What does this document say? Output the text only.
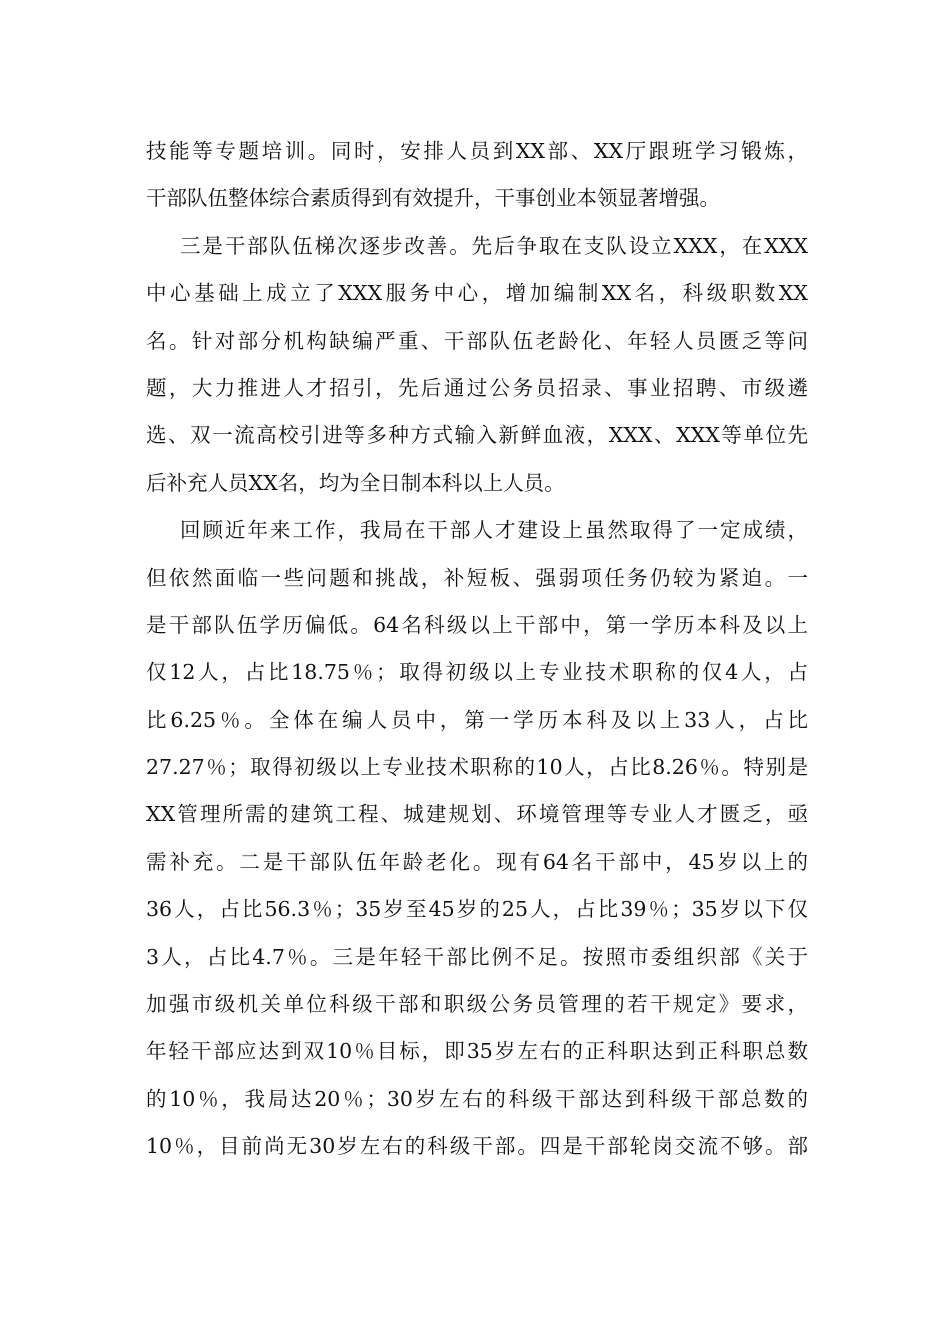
技能等专题培训。同时，安排人员到XX部、XX厅跟班学习锻炼，
干部队伍整体综合素质得到有效提升，干事创业本领显著增强。
三是干部队伍梯次逐步改善。先后争取在支队设立XXX，在XXX
中心基础上成立了XXX服务中心，增加编制XX名，科级职数XX
名。针对部分机构缺编严重、干部队伍老龄化、年轻人员匮乏等问
题，大力推进人才招引，先后通过公务员招录、事业招聘、市级遴
选、双一流高校引进等多种方式输入新鲜血液，XXX、XXX等单位先
后补充人员XX名，均为全日制本科以上人员。
回顾近年来工作，我局在干部人才建设上虽然取得了一定成绩，
但依然面临一些问题和挑战，补短板、强弱项任务仍较为紧迫。一
是干部队伍学历偏低。64名科级以上干部中，第一学历本科及以上
仅12人，占比18.75％；取得初级以上专业技术职称的仅4人，占
比6.25％。全体在编人员中，第一学历本科及以上33人，占比
27.27％；取得初级以上专业技术职称的10人，占比8.26％。特别是
XX管理所需的建筑工程、城建规划、环境管理等专业人才匮乏，亟
需补充。二是干部队伍年龄老化。现有64名干部中，45岁以上的
36人，占比56.3％；35岁至45岁的25人，占比39％；35岁以下仅
3人，占比4.7％。三是年轻干部比例不足。按照市委组织部《关于
加强市级机关单位科级干部和职级公务员管理的若干规定》要求，
年轻干部应达到双10％目标，即35岁左右的正科职达到正科职总数
的10％，我局达20％；30岁左右的科级干部达到科级干部总数的
10％，目前尚无30岁左右的科级干部。四是干部轮岗交流不够。部
